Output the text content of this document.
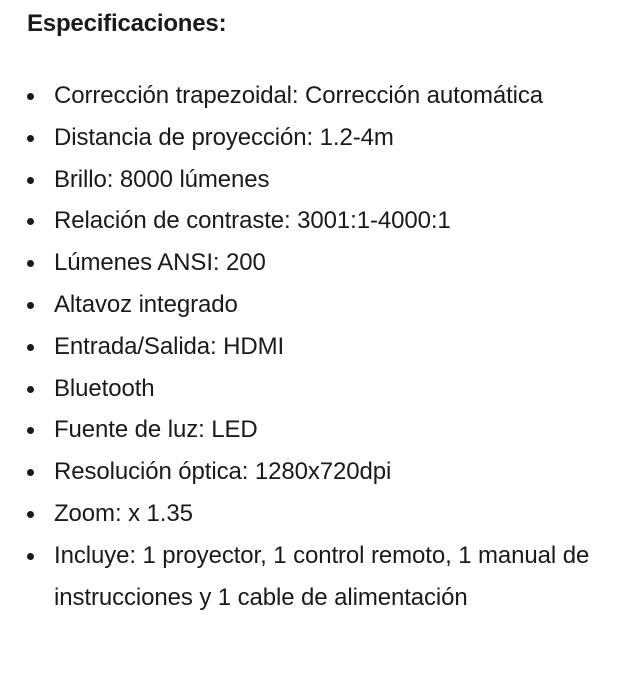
Especificaciones:
Corrección trapezoidal: Corrección automática
Distancia de proyección: 1.2-4m
Brillo: 8000 lúmenes
Relación de contraste: 3001:1-4000:1
Lúmenes ANSI: 200
Altavoz integrado
Entrada/Salida: HDMI
Bluetooth
Fuente de luz: LED
Resolución óptica: 1280x720dpi
Zoom: x 1.35
Incluye: 1 proyector, 1 control remoto, 1 manual de instrucciones y 1 cable de alimentación
